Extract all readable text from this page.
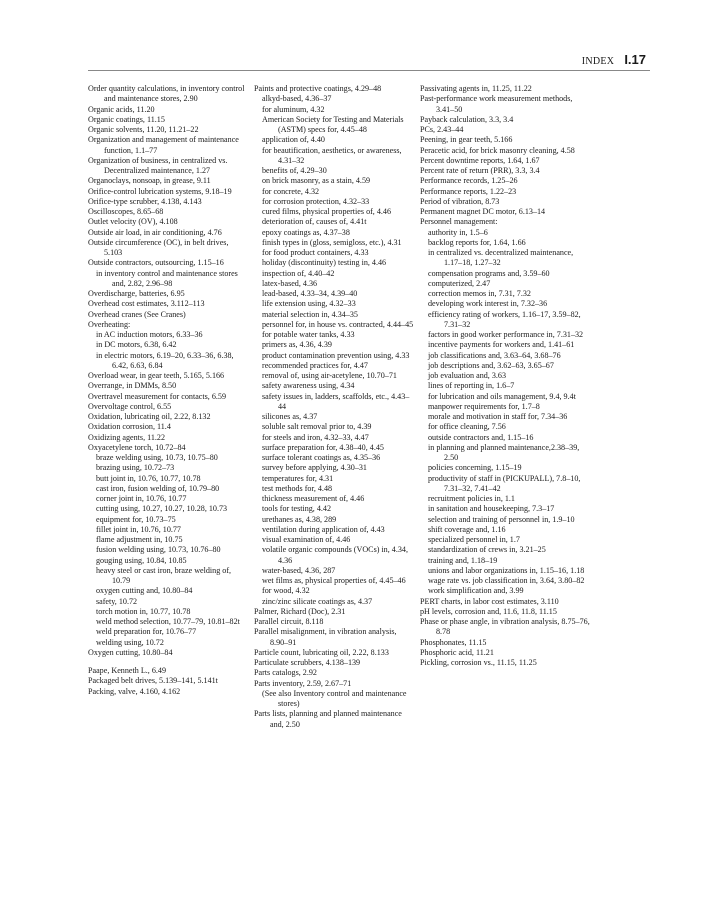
INDEX I.17
Order quantity calculations, in inventory control and maintenance stores, 2.90
Organic acids, 11.20
Organic coatings, 11.15
Organic solvents, 11.20, 11.21–22
Organization and management of maintenance function, 1.1–77
Organization of business, in centralized vs. Decentralized maintenance, 1.27
Organoclays, nonsoap, in grease, 9.11
Orifice-control lubrication systems, 9.18–19
Orifice-type scrubber, 4.138, 4.143
Oscilloscopes, 8.65–68
Outlet velocity (OV), 4.108
Outside air load, in air conditioning, 4.76
Outside circumference (OC), in belt drives, 5.103
Outside contractors, outsourcing, 1.15–16
in inventory control and maintenance stores and, 2.82, 2.96–98
Overdischarge, batteries, 6.95
Overhead cost estimates, 3.112–113
Overhead cranes (See Cranes)
Overheating:
in AC induction motors, 6.33–36
in DC motors, 6.38, 6.42
in electric motors, 6.19–20, 6.33–36, 6.38, 6.42, 6.63, 6.84
Overload wear, in gear teeth, 5.165, 5.166
Overrange, in DMMs, 8.50
Overtravel measurement for contacts, 6.59
Overvoltage control, 6.55
Oxidation, lubricating oil, 2.22, 8.132
Oxidation corrosion, 11.4
Oxidizing agents, 11.22
Oxyacetylene torch, 10.72–84
braze welding using, 10.73, 10.75–80
brazing using, 10.72–73
butt joint in, 10.76, 10.77, 10.78
cast iron, fusion welding of, 10.79–80
corner joint in, 10.76, 10.77
cutting using, 10.27, 10.27, 10.28, 10.73
equipment for, 10.73–75
fillet joint in, 10.76, 10.77
flame adjustment in, 10.75
fusion welding using, 10.73, 10.76–80
gouging using, 10.84, 10.85
heavy steel or cast iron, braze welding of, 10.79
oxygen cutting and, 10.80–84
safety, 10.72
torch motion in, 10.77, 10.78
weld method selection, 10.77–79, 10.81–82t
weld preparation for, 10.76–77
welding using, 10.72
Oxygen cutting, 10.80–84
Paape, Kenneth L., 6.49
Packaged belt drives, 5.139–141, 5.141t
Packing, valve, 4.160, 4.162
Paints and protective coatings, 4.29–48
alkyd-based, 4.36–37
for aluminum, 4.32
American Society for Testing and Materials (ASTM) specs for, 4.45–48
application of, 4.40
for beautification, aesthetics, or awareness, 4.31–32
benefits of, 4.29–30
on brick masonry, as a stain, 4.59
for concrete, 4.32
for corrosion protection, 4.32–33
cured films, physical properties of, 4.46
deterioration of, causes of, 4.41t
epoxy coatings as, 4.37–38
finish types in (gloss, semigloss, etc.), 4.31
for food product containers, 4.33
holiday (discontinuity) testing in, 4.46
inspection of, 4.40–42
latex-based, 4.36
lead-based, 4.33–34, 4.39–40
life extension using, 4.32–33
material selection in, 4.34–35
personnel for, in house vs. contracted, 4.44–45
for potable water tanks, 4.33
primers as, 4.36, 4.39
product contamination prevention using, 4.33
recommended practices for, 4.47
removal of, using air-acetylene, 10.70–71
safety awareness using, 4.34
safety issues in, ladders, scaffolds, etc., 4.43–44
silicones as, 4.37
soluble salt removal prior to, 4.39
for steels and iron, 4.32–33, 4.47
surface preparation for, 4.38–40, 4.45
surface tolerant coatings as, 4.35–36
survey before applying, 4.30–31
temperatures for, 4.31
test methods for, 4.48
thickness measurement of, 4.46
tools for testing, 4.42
urethanes as, 4.38, 289
ventilation during application of, 4.43
visual examination of, 4.46
volatile organic compounds (VOCs) in, 4.34, 4.36
water-based, 4.36, 287
wet films as, physical properties of, 4.45–46
for wood, 4.32
zinc/zinc silicate coatings as, 4.37
Palmer, Richard (Doc), 2.31
Parallel circuit, 8.118
Parallel misalignment, in vibration analysis, 8.90–91
Particle count, lubricating oil, 2.22, 8.133
Particulate scrubbers, 4.138–139
Parts catalogs, 2.92
Parts inventory, 2.59, 2.67–71
(See also Inventory control and maintenance stores)
Parts lists, planning and planned maintenance and, 2.50
Passivating agents in, 11.25, 11.22
Past-performance work measurement methods, 3.41–50
Payback calculation, 3.3, 3.4
PCs, 2.43–44
Peening, in gear teeth, 5.166
Peracetic acid, for brick masonry cleaning, 4.58
Percent downtime reports, 1.64, 1.67
Percent rate of return (PRR), 3.3, 3.4
Performance records, 1.25–26
Performance reports, 1.22–23
Period of vibration, 8.73
Permanent magnet DC motor, 6.13–14
Personnel management:
authority in, 1.5–6
backlog reports for, 1.64, 1.66
in centralized vs. decentralized maintenance, 1.17–18, 1.27–32
compensation programs and, 3.59–60
computerized, 2.47
correction memos in, 7.31, 7.32
developing work interest in, 7.32–36
efficiency rating of workers, 1.16–17, 3.59–82, 7.31–32
factors in good worker performance in, 7.31–32
incentive payments for workers and, 1.41–61
job classifications and, 3.63–64, 3.68–76
job descriptions and, 3.62–63, 3.65–67
job evaluation and, 3.63
lines of reporting in, 1.6–7
for lubrication and oils management, 9.4, 9.4t
manpower requirements for, 1.7–8
morale and motivation in staff for, 7.34–36
for office cleaning, 7.56
outside contractors and, 1.15–16
in planning and planned maintenance,2.38–39, 2.50
policies concerning, 1.15–19
productivity of staff in (PICKUPALL), 7.8–10, 7.31–32, 7.41–42
recruitment policies in, 1.1
in sanitation and housekeeping, 7.3–17
selection and training of personnel in, 1.9–10
shift coverage and, 1.16
specialized personnel in, 1.7
standardization of crews in, 3.21–25
training and, 1.18–19
unions and labor organizations in, 1.15–16, 1.18
wage rate vs. job classification in, 3.64, 3.80–82
work simplification and, 3.99
PERT charts, in labor cost estimates, 3.110
pH levels, corrosion and, 11.6, 11.8, 11.15
Phase or phase angle, in vibration analysis, 8.75–76, 8.78
Phosphonates, 11.15
Phosphoric acid, 11.21
Pickling, corrosion vs., 11.15, 11.25
